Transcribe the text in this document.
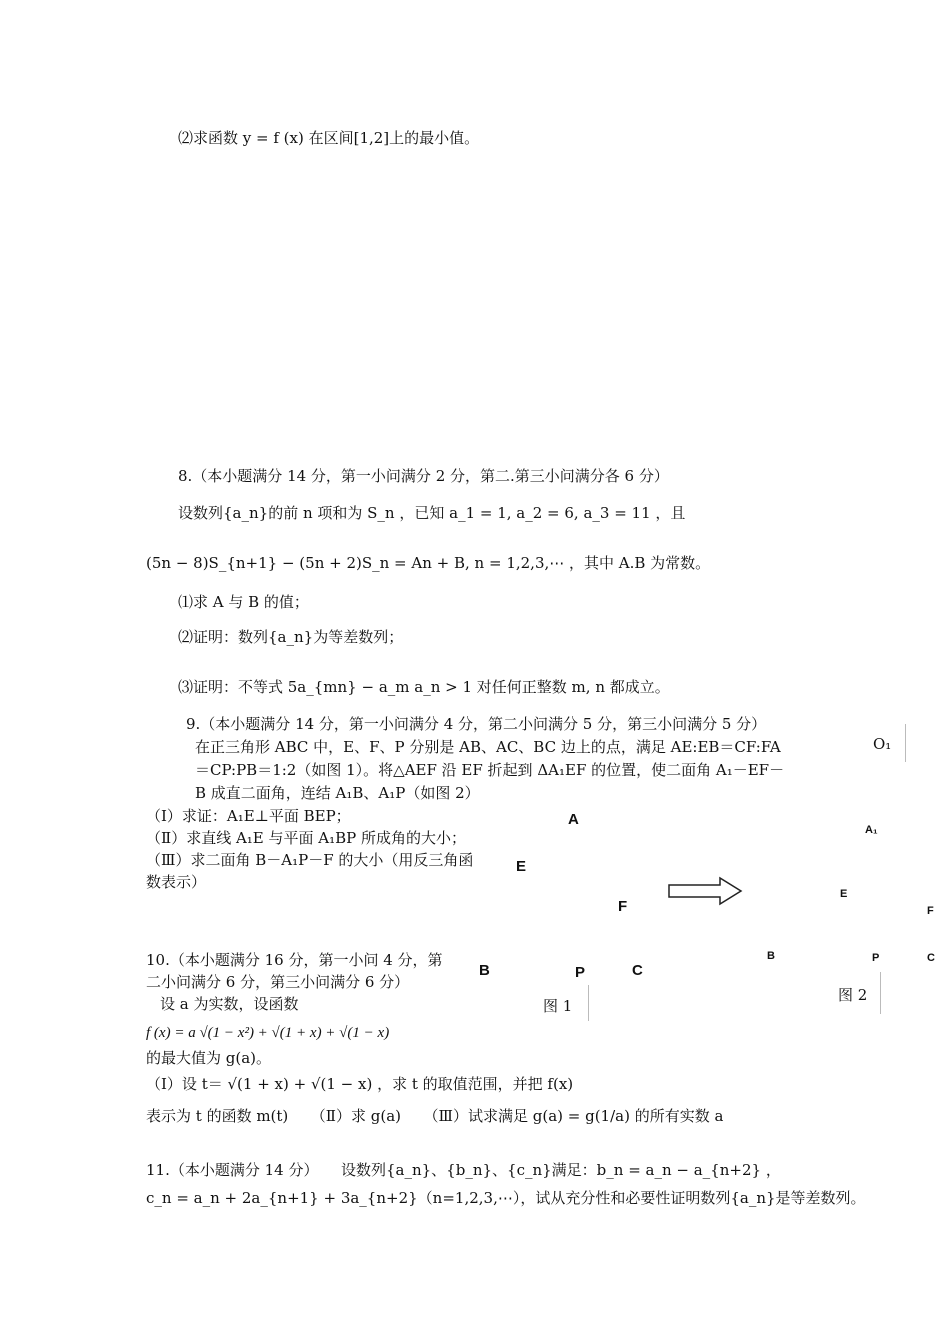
⑵求函数 y = f (x) 在区间[1,2]上的最小值。
8.（本小题满分 14 分，第一小问满分 2 分，第二.第三小问满分各 6 分）
设数列{a_n}的前 n 项和为 S_n ，已知 a_1 = 1, a_2 = 6, a_3 = 11 ，且
(5n − 8)S_{n+1} − (5n + 2)S_n = An + B, n = 1,2,3,⋯ ，其中 A.B 为常数。
⑴求 A 与 B 的值；
⑵证明：数列{a_n}为等差数列；
⑶证明：不等式 5a_{mn} − a_m a_n > 1 对任何正整数 m, n 都成立。
9.（本小题满分 14 分，第一小问满分 4 分，第二小问满分 5 分，第三小问满分 5 分）
在正三角形 ABC 中，E、F、P 分别是 AB、AC、BC 边上的点，满足 AE:EB＝CF:FA
＝CP:PB＝1:2（如图 1）。将△AEF 沿 EF 折起到 ΔA₁EF 的位置，使二面角 A₁－EF－
B 成直二面角，连结 A₁B、A₁P（如图 2）
（Ⅰ）求证：A₁E⊥平面 BEP；
（Ⅱ）求直线 A₁E 与平面 A₁BP 所成角的大小；
（Ⅲ）求二面角 B－A₁P－F 的大小（用反三角函
数表示）
A
E
F
B	P	C
图 1
O₁
A₁
E
F
B	P	C
图 2
10.（本小题满分 16 分，第一小问 4 分，第
二小问满分 6 分，第三小问满分 6 分）
设 a 为实数，设函数
f (x) = a √(1 − x²) + √(1 + x) + √(1 − x)
的最大值为 g(a)。
（Ⅰ）设 t＝ √(1 + x) + √(1 − x) ，求 t 的取值范围，并把 f(x)
表示为 t 的函数 m(t)　　（Ⅱ）求 g(a)　　（Ⅲ）试求满足 g(a) = g(1/a) 的所有实数 a
11.（本小题满分 14 分）　　设数列{a_n}、{b_n}、{c_n}满足：b_n = a_n − a_{n+2} ，
c_n = a_n + 2a_{n+1} + 3a_{n+2}（n=1,2,3,⋯），试从充分性和必要性证明数列{a_n}是等差数列。
